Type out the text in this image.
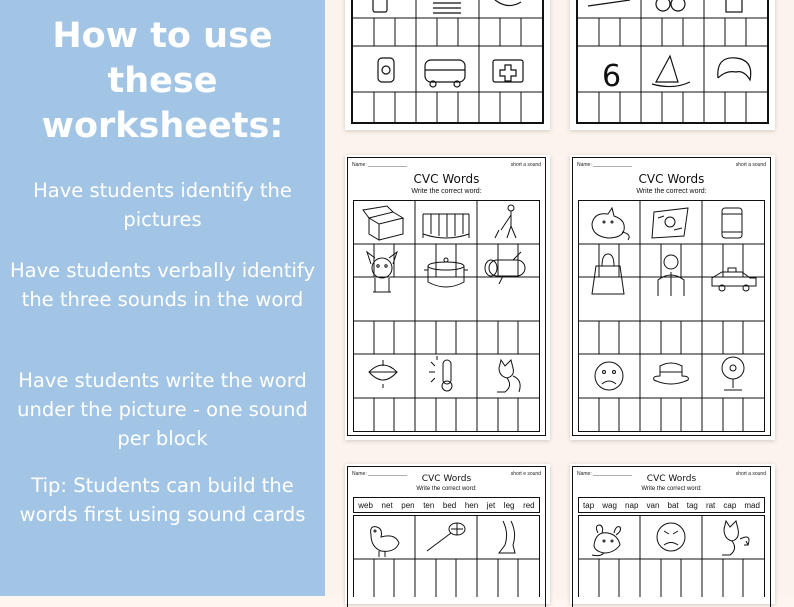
How to use these worksheets:

Have students identify the pictures

Have students verbally identify the three sounds in the word

Have students write the word under the picture - one sound per block

Tip: Students can build the words first using sound cards

6
Name: ______________	short a sound
CVC Words
Write the correct word:
Name: ______________	short a sound
CVC Words
Write the correct word:
Name: ______________	short e sound
CVC Words
Write the correct word:
web net pen ten bed hen jet leg red
Name: ______________	short a sound
CVC Words
Write the correct word:
tap wag nap van bat tag rat cap mad
